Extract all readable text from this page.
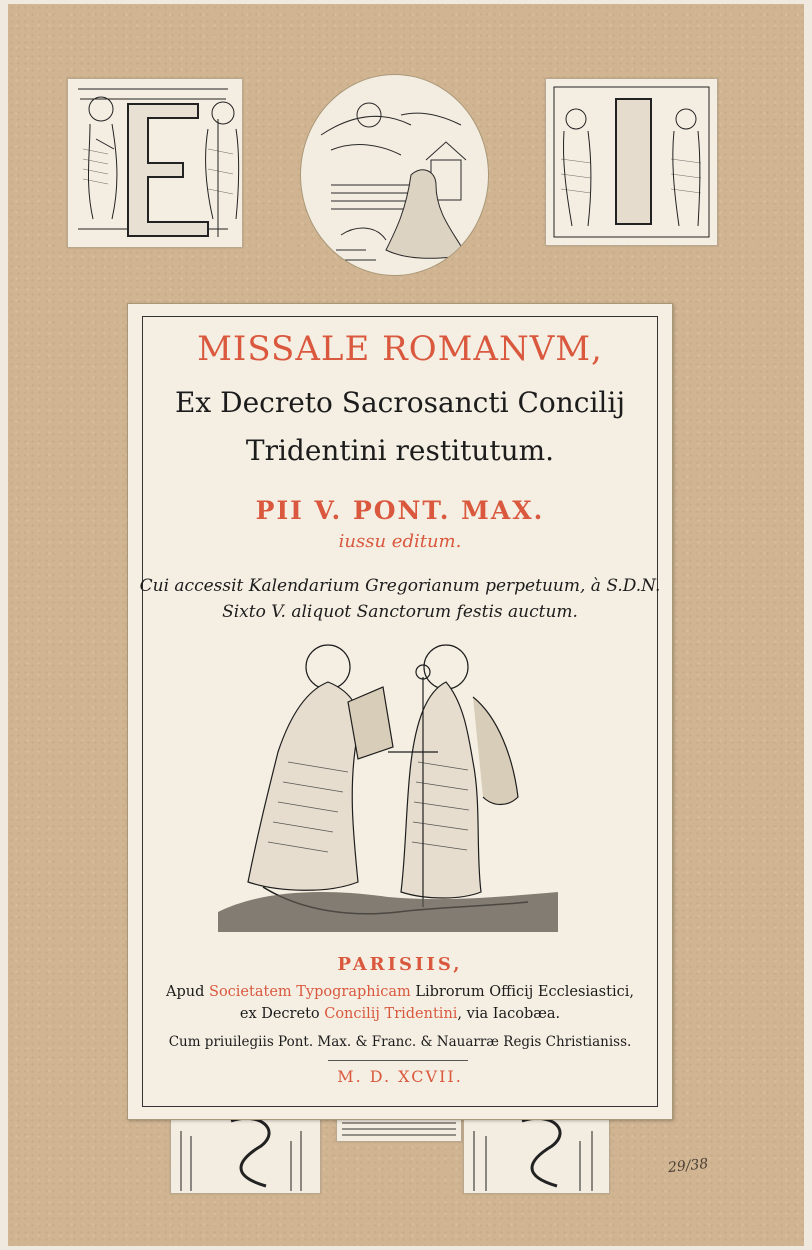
MISSALE ROMANVM,
Ex Decreto Sacrosancti Concilij
Tridentini restitutum.
PII V. PONT. MAX.
iussu editum.
Cui accessit Kalendarium Gregorianum perpetuum, à S.D.N.
Sixto V. aliquot Sanctorum festis auctum.
PARISIIS,
Apud Societatem Typographicam Librorum Officij Ecclesiastici,
ex Decreto Concilij Tridentini, via Iacobæa.
Cum priuilegiis Pont. Max. & Franc. & Nauarræ Regis Christianiss.
M. D. XCVII.
29/38
